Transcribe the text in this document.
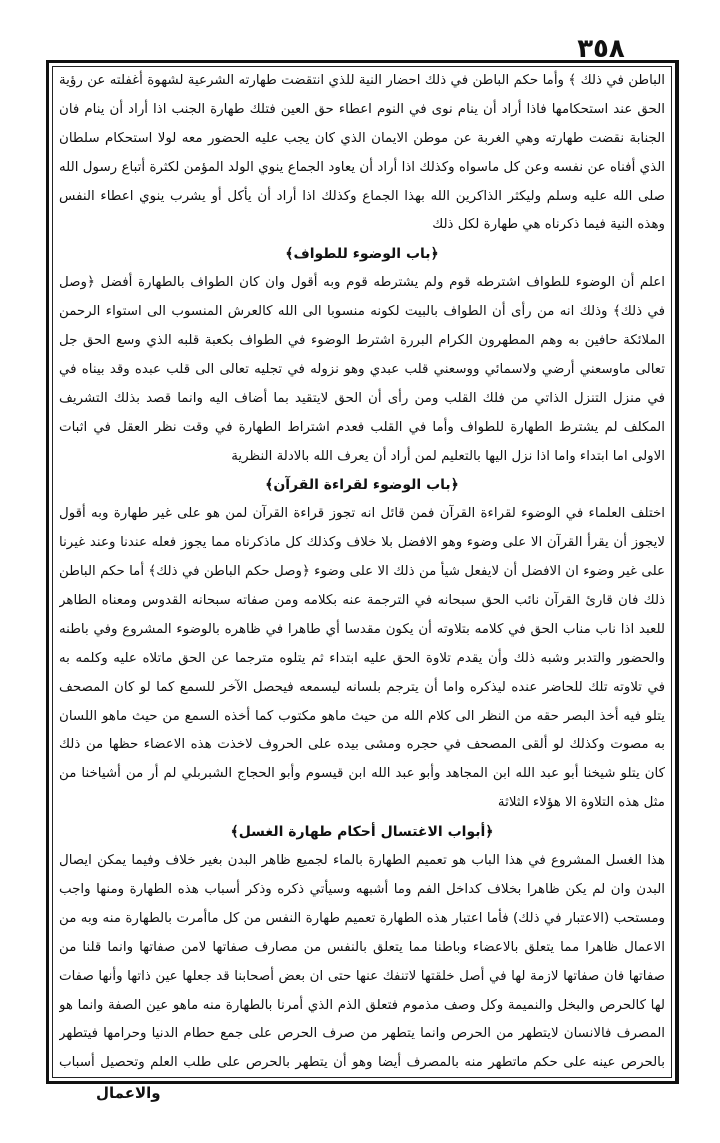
٣٥٨
الباطن في ذلك ﴾ وأما حكم الباطن في ذلك احضار النية للذي انتقضت طهارته الشرعية لشهوة أغفلته عن رؤية
الحق عند استحكامها فاذا أراد أن ينام نوى في النوم اعطاء حق العين فتلك طهارة الجنب اذا أراد أن ينام فان
الجنابة نقضت طهارته وهي الغربة عن موطن الايمان الذي كان يجب عليه الحضور معه لولا استحكام سلطان
الذي أفناه عن نفسه وعن كل ماسواه وكذلك اذا أراد أن يعاود الجماع ينوي الولد المؤمن لكثرة أتباع رسول الله
صلى الله عليه وسلم وليكثر الذاكرين الله بهذا الجماع وكذلك اذا أراد أن يأكل أو يشرب ينوي اعطاء النفس
وهذه النية فيما ذكرناه هي طهارة لكل ذلك
﴿باب الوضوء للطواف﴾
اعلم أن الوضوء للطواف اشترطه قوم ولم يشترطه قوم وبه أقول وان كان الطواف بالطهارة أفضل ﴿وصل
في ذلك﴾ وذلك انه من رأى أن الطواف بالبيت لكونه منسوبا الى الله كالعرش المنسوب الى استواء الرحمن
الملائكة حافين به وهم المطهرون الكرام البررة اشترط الوضوء في الطواف بكعبة قلبه الذي وسع الحق جل
تعالى ماوسعني أرضي ولاسمائي ووسعني قلب عبدي وهو نزوله في تجليه تعالى الى قلب عبده وقد بيناه في
في منزل التنزل الذاتي من فلك القلب ومن رأى أن الحق لايتقيد بما أضاف اليه وانما قصد بذلك التشريف
المكلف لم يشترط الطهارة للطواف وأما في القلب فعدم اشتراط الطهارة في وقت نظر العقل في اثبات
الاولى اما ابتداء واما اذا نزل اليها بالتعليم لمن أراد أن يعرف الله بالادلة النظرية
﴿باب الوضوء لقراءة القرآن﴾
اختلف العلماء في الوضوء لقراءة القرآن فمن قائل انه تجوز قراءة القرآن لمن هو على غير طهارة وبه أقول
لايجوز أن يقرأ القرآن الا على وضوء وهو الافضل بلا خلاف وكذلك كل ماذكرناه مما يجوز فعله عندنا وعند غيرنا
على غير وضوء ان الافضل أن لايفعل شيأ من ذلك الا على وضوء ﴿وصل حكم الباطن في ذلك﴾ أما حكم الباطن
ذلك فان قارئ القرآن نائب الحق سبحانه في الترجمة عنه بكلامه ومن صفاته سبحانه القدوس ومعناه الطاهر
للعبد اذا ناب مناب الحق في كلامه بتلاوته أن يكون مقدسا أي طاهرا في ظاهره بالوضوء المشروع وفي باطنه
والحضور والتدبر وشبه ذلك وأن يقدم تلاوة الحق عليه ابتداء ثم يتلوه مترجما عن الحق ماتلاه عليه وكلمه به
في تلاوته تلك للحاضر عنده ليذكره واما أن يترجم بلسانه ليسمعه فيحصل الآخر للسمع كما لو كان المصحف
يتلو فيه أخذ البصر حقه من النظر الى كلام الله من حيث ماهو مكتوب كما أخذه السمع من حيث ماهو اللسان
به مصوت وكذلك لو ألقى المصحف في حجره ومشى بيده على الحروف لاخذت هذه الاعضاء حظها من ذلك
كان يتلو شيخنا أبو عبد الله ابن المجاهد وأبو عبد الله ابن قيسوم وأبو الحجاج الشبربلي لم أر من أشياخنا من
مثل هذه التلاوة الا هؤلاء الثلاثة
﴿أبواب الاغتسال أحكام طهارة الغسل﴾
هذا الغسل المشروع في هذا الباب هو تعميم الطهارة بالماء لجميع ظاهر البدن بغير خلاف وفيما يمكن ايصال
البدن وان لم يكن ظاهرا بخلاف كداخل الفم وما أشبهه وسيأتي ذكره وذكر أسباب هذه الطهارة ومنها واجب
ومستحب (الاعتبار في ذلك) فأما اعتبار هذه الطهارة تعميم طهارة النفس من كل ماأمرت بالطهارة منه وبه من
الاعمال ظاهرا مما يتعلق بالاعضاء وباطنا مما يتعلق بالنفس من مصارف صفاتها لامن صفاتها وانما قلنا من
صفاتها فان صفاتها لازمة لها في أصل خلقتها لاتنفك عنها حتى ان بعض أصحابنا قد جعلها عين ذاتها وأنها صفات
لها كالحرص والبخل والنميمة وكل وصف مذموم فتعلق الذم الذي أمرنا بالطهارة منه ماهو عين الصفة وانما هو
المصرف فالانسان لايتطهر من الحرص وانما يتطهر من صرف الحرص على جمع حطام الدنيا وحرامها فيتطهر
بالحرص عينه على حكم ماتطهر منه بالمصرف أيضا وهو أن يتطهر بالحرص على طلب العلم وتحصيل أسباب
والاعمال
